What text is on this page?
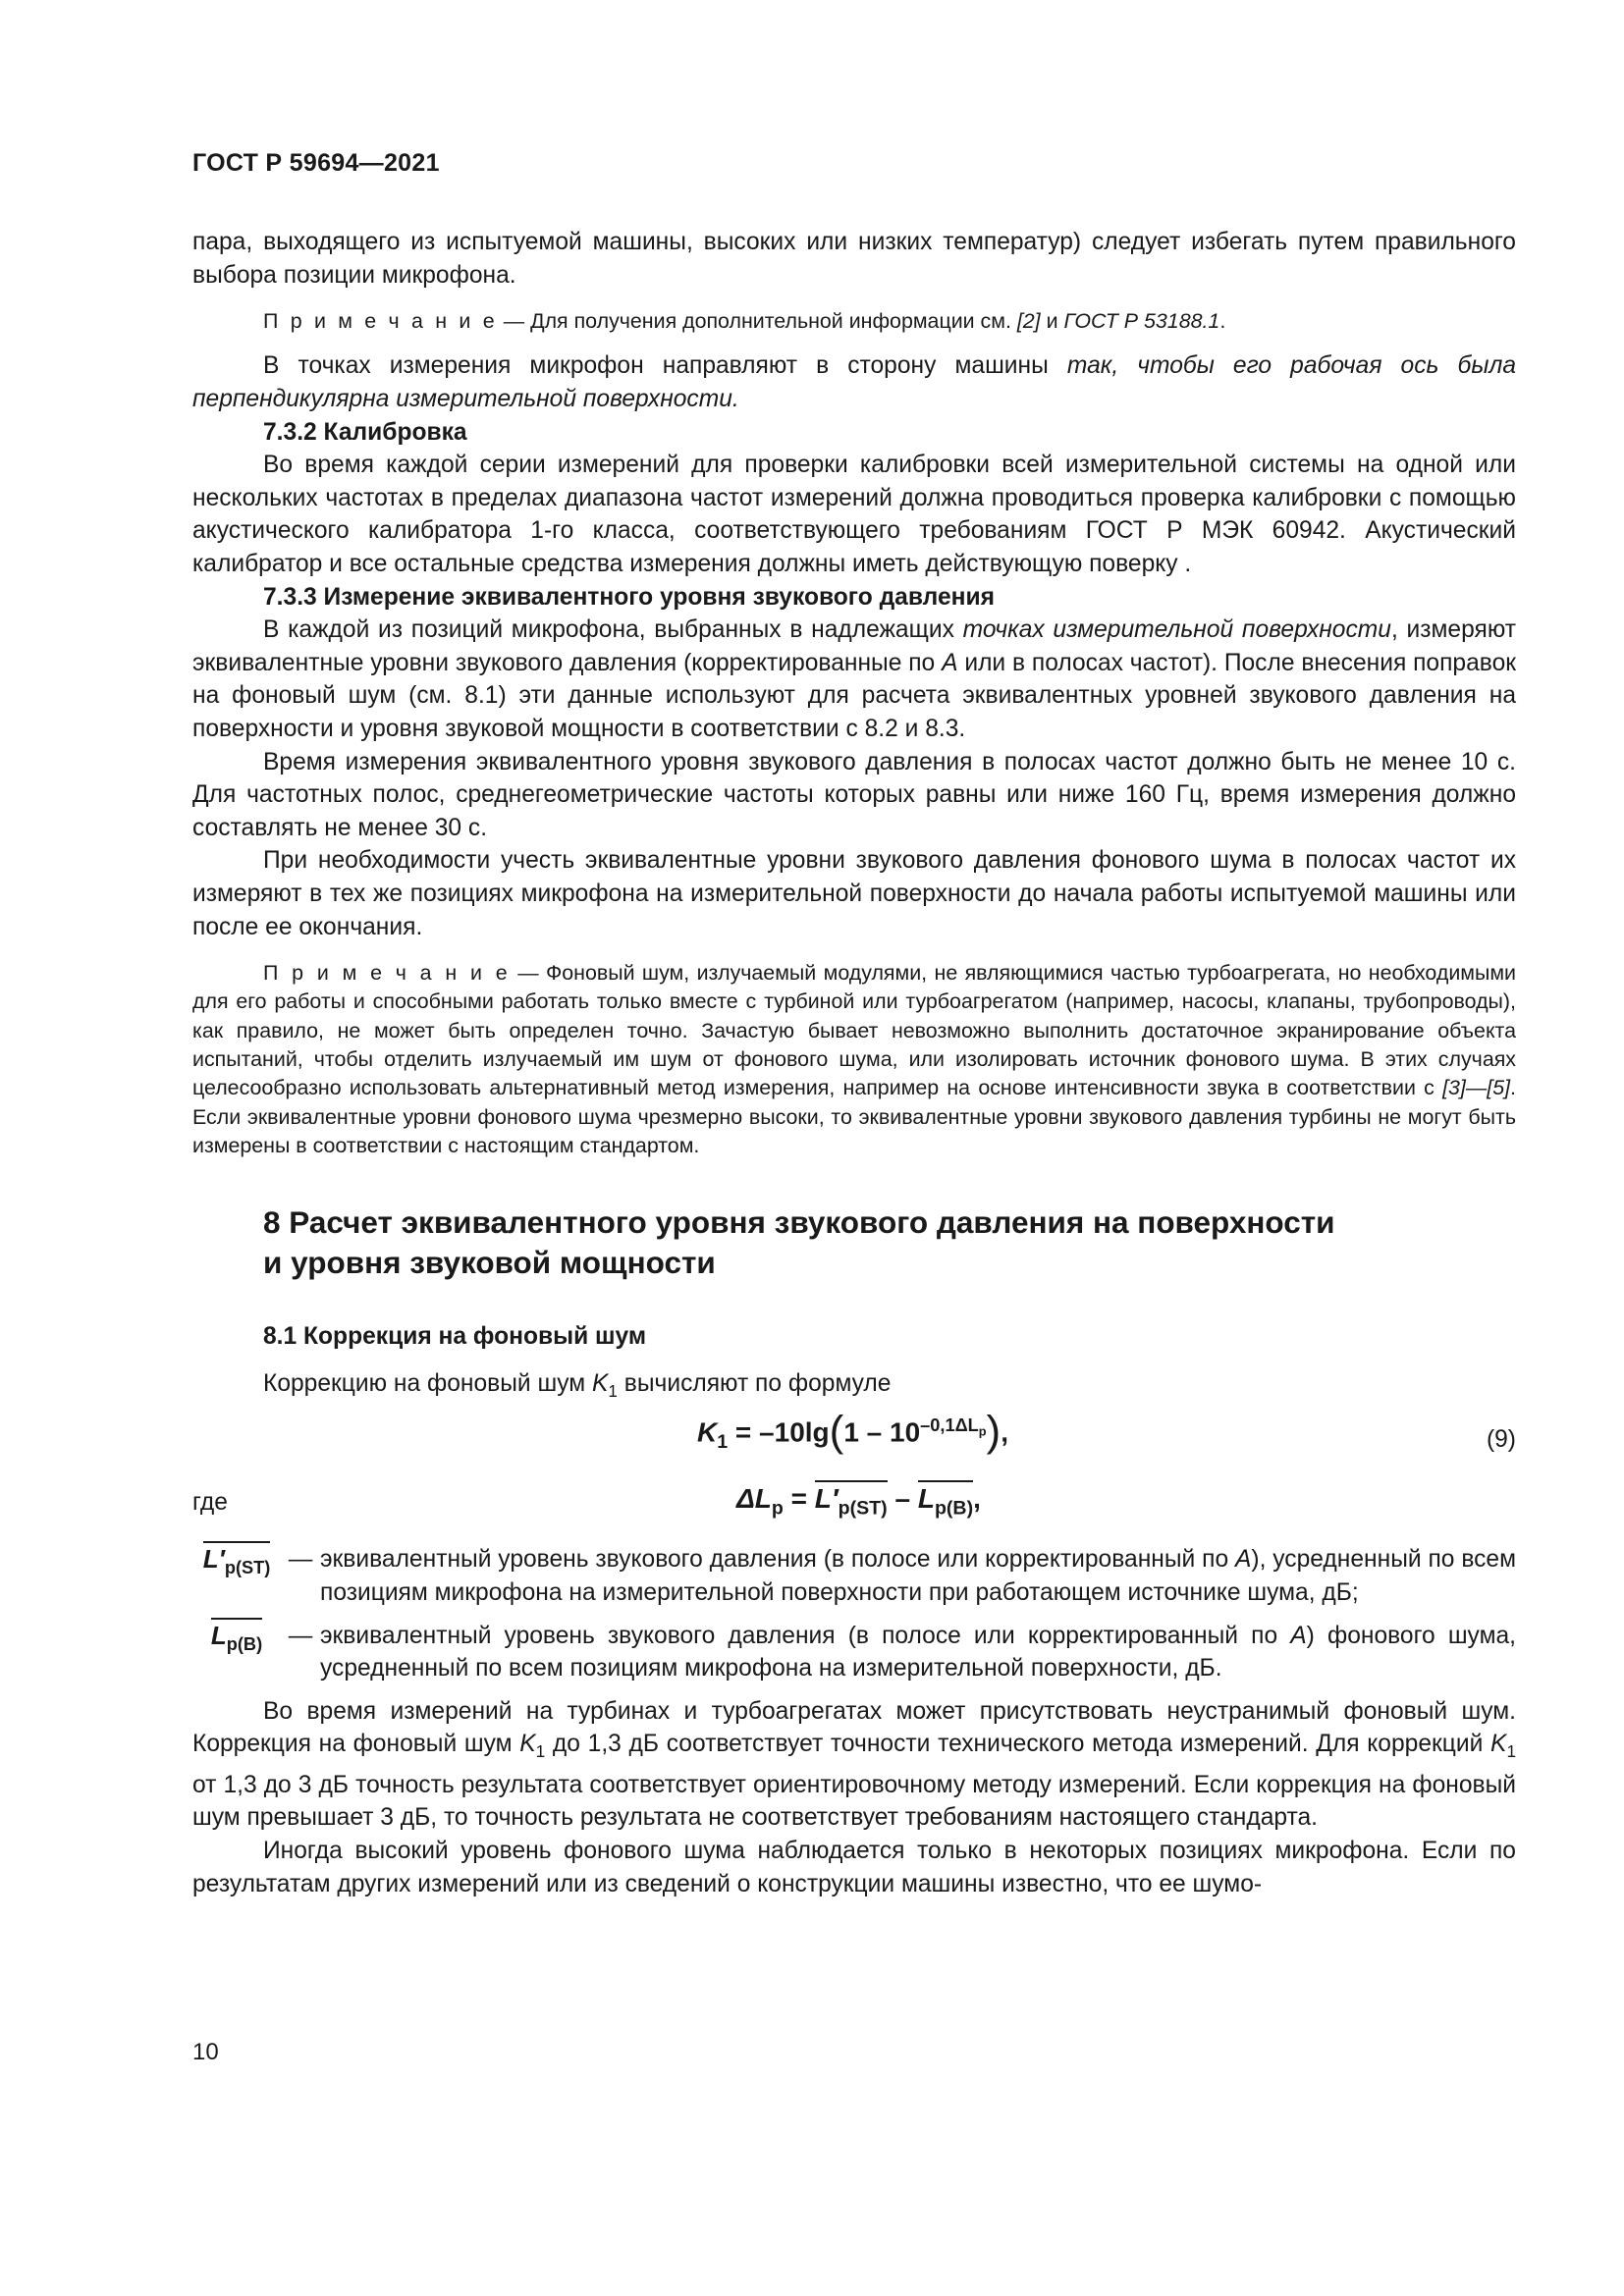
ГОСТ Р 59694—2021

пара, выходящего из испытуемой машины, высоких или низких температур) следует избегать путем правильного выбора позиции микрофона.

П р и м е ч а н и е — Для получения дополнительной информации см. [2] и ГОСТ Р 53188.1.

В точках измерения микрофон направляют в сторону машины так, чтобы его рабочая ось была перпендикулярна измерительной поверхности.

7.3.2 Калибровка

Во время каждой серии измерений для проверки калибровки всей измерительной системы на одной или нескольких частотах в пределах диапазона частот измерений должна проводиться проверка калибровки с помощью акустического калибратора 1-го класса, соответствующего требованиям ГОСТ Р МЭК 60942. Акустический калибратор и все остальные средства измерения должны иметь действующую поверку .

7.3.3 Измерение эквивалентного уровня звукового давления

В каждой из позиций микрофона, выбранных в надлежащих точках измерительной поверхности, измеряют эквивалентные уровни звукового давления (корректированные по А или в полосах частот). После внесения поправок на фоновый шум (см. 8.1) эти данные используют для расчета эквивалентных уровней звукового давления на поверхности и уровня звуковой мощности в соответствии с 8.2 и 8.3.

Время измерения эквивалентного уровня звукового давления в полосах частот должно быть не менее 10 с. Для частотных полос, среднегеометрические частоты которых равны или ниже 160 Гц, время измерения должно составлять не менее 30 с.

При необходимости учесть эквивалентные уровни звукового давления фонового шума в полосах частот их измеряют в тех же позициях микрофона на измерительной поверхности до начала работы испытуемой машины или после ее окончания.

П р и м е ч а н и е — Фоновый шум, излучаемый модулями, не являющимися частью турбоагрегата, но необходимыми для его работы и способными работать только вместе с турбиной или турбоагрегатом (например, насосы, клапаны, трубопроводы), как правило, не может быть определен точно. Зачастую бывает невозможно выполнить достаточное экранирование объекта испытаний, чтобы отделить излучаемый им шум от фонового шума, или изолировать источник фонового шума. В этих случаях целесообразно использовать альтернативный метод измерения, например на основе интенсивности звука в соответствии с [3]—[5]. Если эквивалентные уровни фонового шума чрезмерно высоки, то эквивалентные уровни звукового давления турбины не могут быть измерены в соответствии с настоящим стандартом.

8 Расчет эквивалентного уровня звукового давления на поверхности
и уровня звуковой мощности

8.1 Коррекция на фоновый шум

Коррекцию на фоновый шум $K_1$ вычисляют по формуле

$K_1 = -10\lg(1 - 10^{-0,1\Delta L_p})$,	(9)
где	$\Delta L_p = L'_{p(ST)} - L_{p(B)}$,
$L'_{p(ST)}$ — эквивалентный уровень звукового давления (в полосе или корректированный по А), усредненный по всем позициям микрофона на измерительной поверхности при работающем источнике шума, дБ;
$L_{p(B)}$	— эквивалентный уровень звукового давления (в полосе или корректированный по А) фонового шума, усредненный по всем позициям микрофона на измерительной поверхности, дБ.

Во время измерений на турбинах и турбоагрегатах может присутствовать неустранимый фоновый шум. Коррекция на фоновый шум $K_1$ до 1,3 дБ соответствует точности технического метода измерений. Для коррекций $K_1$ от 1,3 до 3 дБ точность результата соответствует ориентировочному методу измерений. Если коррекция на фоновый шум превышает 3 дБ, то точность результата не соответствует требованиям настоящего стандарта.

Иногда высокий уровень фонового шума наблюдается только в некоторых позициях микрофона. Если по результатам других измерений или из сведений о конструкции машины известно, что ее шумо-

10
